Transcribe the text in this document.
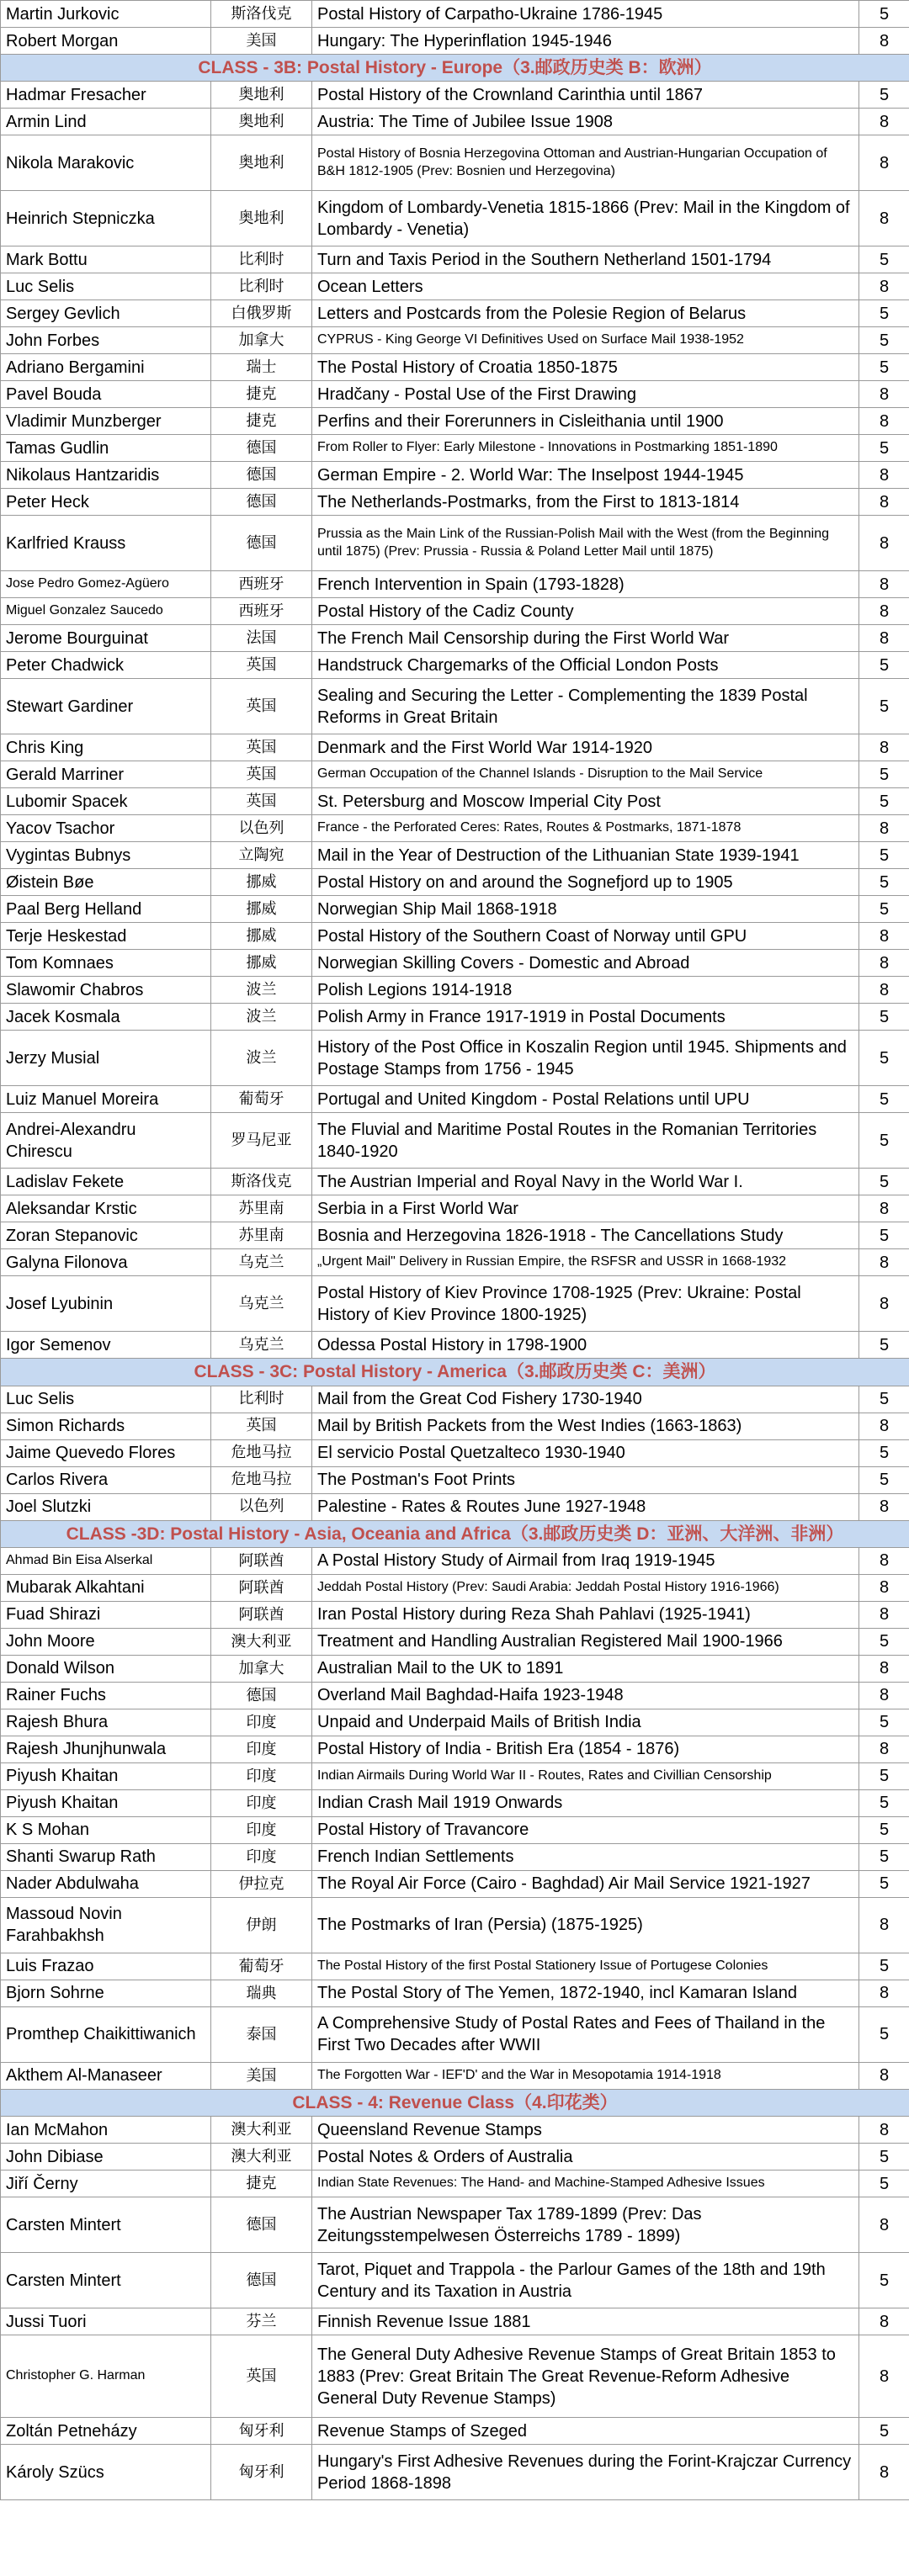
Martin Jurkovic	斯洛伐克	Postal History of Carpatho-Ukraine 1786-1945	5
Robert Morgan	美国	Hungary: The Hyperinflation 1945-1946	8
CLASS - 3B: Postal History - Europe（3.邮政历史类 B：欧洲）			
Hadmar Fresacher	奥地利	Postal History of the Crownland Carinthia until 1867	5
Armin Lind	奥地利	Austria: The Time of Jubilee Issue 1908	8
Nikola Marakovic	奥地利	Postal History of Bosnia Herzegovina Ottoman and Austrian-Hungarian Occupation of B&H 1812-1905 (Prev: Bosnien und Herzegovina)	8
Heinrich Stepniczka	奥地利	Kingdom of Lombardy-Venetia 1815-1866 (Prev: Mail in the Kingdom of Lombardy - Venetia)	8
Mark Bottu	比利时	Turn and Taxis Period in the Southern Netherland 1501-1794	5
Luc Selis	比利时	Ocean Letters	8
Sergey Gevlich	白俄罗斯	Letters and Postcards from the Polesie Region of Belarus	5
John Forbes	加拿大	CYPRUS - King George VI Definitives Used on Surface Mail 1938-1952	5
Adriano Bergamini	瑞士	The Postal History of Croatia 1850-1875	5
Pavel Bouda	捷克	Hradčany - Postal Use of the First Drawing	8
Vladimir Munzberger	捷克	Perfins and their Forerunners in Cisleithania until 1900	8
Tamas Gudlin	德国	From Roller to Flyer: Early Milestone - Innovations in Postmarking 1851-1890	5
Nikolaus Hantzaridis	德国	German Empire - 2. World War: The Inselpost 1944-1945	8
Peter Heck	德国	The Netherlands-Postmarks, from the First to 1813-1814	8
Karlfried Krauss	德国	Prussia as the Main Link of the Russian-Polish Mail with the West (from the Beginning until 1875) (Prev: Prussia - Russia & Poland Letter Mail until 1875)	8
Jose Pedro Gomez-Agüero	西班牙	French Intervention in Spain (1793-1828)	8
Miguel Gonzalez Saucedo	西班牙	Postal History of the Cadiz County	8
Jerome Bourguinat	法国	The French Mail Censorship during the First World War	8
Peter Chadwick	英国	Handstruck Chargemarks of the Official London Posts	5
Stewart Gardiner	英国	Sealing and Securing the Letter - Complementing the 1839 Postal Reforms in Great Britain	5
Chris King	英国	Denmark and the First World War 1914-1920	8
Gerald Marriner	英国	German Occupation of the Channel Islands - Disruption to the Mail Service	5
Lubomir Spacek	英国	St. Petersburg and Moscow Imperial City Post	5
Yacov Tsachor	以色列	France - the Perforated Ceres: Rates, Routes & Postmarks, 1871-1878	8
Vygintas Bubnys	立陶宛	Mail in the Year of Destruction of the Lithuanian State 1939-1941	5
Øistein Bøe	挪威	Postal History on and around the Sognefjord up to 1905	5
Paal Berg Helland	挪威	Norwegian Ship Mail 1868-1918	5
Terje Heskestad	挪威	Postal History of the Southern Coast of Norway until GPU	8
Tom Komnaes	挪威	Norwegian Skilling Covers - Domestic and Abroad	8
Slawomir Chabros	波兰	Polish Legions 1914-1918	8
Jacek Kosmala	波兰	Polish Army in France 1917-1919 in Postal Documents	5
Jerzy Musial	波兰	History of the Post Office in Koszalin Region until 1945. Shipments and Postage Stamps from 1756 - 1945	5
Luiz Manuel Moreira	葡萄牙	Portugal and United Kingdom - Postal Relations until UPU	5
Andrei-Alexandru Chirescu	罗马尼亚	The Fluvial and Maritime Postal Routes in the Romanian Territories 1840-1920	5
Ladislav Fekete	斯洛伐克	The Austrian Imperial and Royal Navy in the World War I.	5
Aleksandar Krstic	苏里南	Serbia in a First World War	8
Zoran Stepanovic	苏里南	Bosnia and Herzegovina 1826-1918 - The Cancellations Study	5
Galyna Filonova	乌克兰	„Urgent Mail" Delivery in Russian Empire, the RSFSR and USSR in 1668-1932	8
Josef Lyubinin	乌克兰	Postal History of Kiev Province 1708-1925 (Prev: Ukraine: Postal History of Kiev Province 1800-1925)	8
Igor Semenov	乌克兰	Odessa Postal History in 1798-1900	5
CLASS - 3C: Postal History - America（3.邮政历史类 C：美洲）			
Luc Selis	比利时	Mail from the Great Cod Fishery 1730-1940	5
Simon Richards	英国	Mail by British Packets from the West Indies (1663-1863)	8
Jaime Quevedo Flores	危地马拉	El servicio Postal Quetzalteco 1930-1940	5
Carlos Rivera	危地马拉	The Postman's Foot Prints	5
Joel Slutzki	以色列	Palestine - Rates & Routes June 1927-1948	8
CLASS -3D: Postal History - Asia, Oceania and Africa（3.邮政历史类 D：亚洲、大洋洲、非洲）			
Ahmad Bin Eisa Alserkal	阿联酋	A Postal History Study of Airmail from Iraq 1919-1945	8
Mubarak Alkahtani	阿联酋	Jeddah Postal History (Prev: Saudi Arabia: Jeddah Postal History 1916-1966)	8
Fuad Shirazi	阿联酋	Iran Postal History during Reza Shah Pahlavi (1925-1941)	8
John Moore	澳大利亚	Treatment and Handling Australian Registered Mail 1900-1966	5
Donald Wilson	加拿大	Australian Mail to the UK to 1891	8
Rainer Fuchs	德国	Overland Mail Baghdad-Haifa 1923-1948	8
Rajesh Bhura	印度	Unpaid and Underpaid Mails of British India	5
Rajesh Jhunjhunwala	印度	Postal History of India - British Era (1854 - 1876)	8
Piyush Khaitan	印度	Indian Airmails During World War II - Routes, Rates and Civillian Censorship	5
Piyush Khaitan	印度	Indian Crash Mail 1919 Onwards	5
K S Mohan	印度	Postal History of Travancore	5
Shanti Swarup Rath	印度	French Indian Settlements	5
Nader Abdulwaha	伊拉克	The Royal Air Force (Cairo - Baghdad) Air Mail Service 1921-1927	5
Massoud Novin Farahbakhsh	伊朗	The Postmarks of Iran (Persia) (1875-1925)	8
Luis Frazao	葡萄牙	The Postal History of the first Postal Stationery Issue of Portugese Colonies	5
Bjorn Sohrne	瑞典	The Postal Story of The Yemen, 1872-1940, incl Kamaran Island	8
Promthep Chaikittiwanich	泰国	A Comprehensive Study of Postal Rates and Fees of Thailand in the First Two Decades after WWII	5
Akthem Al-Manaseer	美国	The Forgotten War - IEF'D' and the War in Mesopotamia 1914-1918	8
CLASS - 4: Revenue Class（4.印花类）			
Ian McMahon	澳大利亚	Queensland Revenue Stamps	8
John Dibiase	澳大利亚	Postal Notes & Orders of Australia	5
Jiří Černy	捷克	Indian State Revenues: The Hand- and Machine-Stamped Adhesive Issues	5
Carsten Mintert	德国	The Austrian Newspaper Tax 1789-1899 (Prev: Das Zeitungsstempelwesen Österreichs 1789 - 1899)	8
Carsten Mintert	德国	Tarot, Piquet and Trappola - the Parlour Games of the 18th and 19th Century and its Taxation in Austria	5
Jussi Tuori	芬兰	Finnish Revenue Issue 1881	8
Christopher G. Harman	英国	The General Duty Adhesive Revenue Stamps of Great Britain 1853 to 1883 (Prev: Great Britain The Great Revenue-Reform Adhesive General Duty Revenue Stamps)	8
Zoltán Petneházy	匈牙利	Revenue Stamps of Szeged	5
Károly Szücs	匈牙利	Hungary's First Adhesive Revenues during the Forint-Krajczar Currency Period 1868-1898	8
